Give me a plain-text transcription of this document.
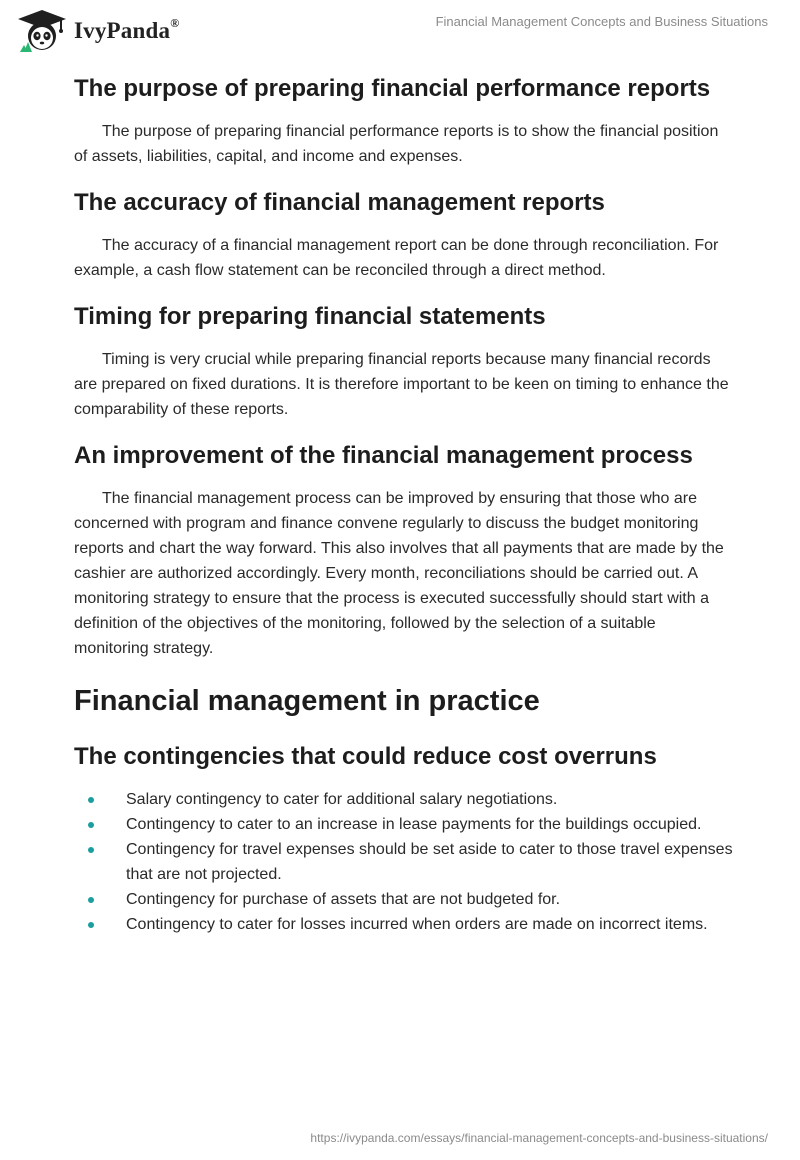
IvyPanda®	Financial Management Concepts and Business Situations
The purpose of preparing financial performance reports

The purpose of preparing financial performance reports is to show the financial position of assets, liabilities, capital, and income and expenses.

The accuracy of financial management reports

The accuracy of a financial management report can be done through reconciliation. For example, a cash flow statement can be reconciled through a direct method.

Timing for preparing financial statements

Timing is very crucial while preparing financial reports because many financial records are prepared on fixed durations. It is therefore important to be keen on timing to enhance the comparability of these reports.

An improvement of the financial management process

The financial management process can be improved by ensuring that those who are concerned with program and finance convene regularly to discuss the budget monitoring reports and chart the way forward. This also involves that all payments that are made by the cashier are authorized accordingly. Every month, reconciliations should be carried out. A monitoring strategy to ensure that the process is executed successfully should start with a definition of the objectives of the monitoring, followed by the selection of a suitable monitoring strategy.

Financial management in practice
The contingencies that could reduce cost overruns
Salary contingency to cater for additional salary negotiations.
Contingency to cater to an increase in lease payments for the buildings occupied.
Contingency for travel expenses should be set aside to cater to those travel expenses that are not projected.
Contingency for purchase of assets that are not budgeted for.
Contingency to cater for losses incurred when orders are made on incorrect items.
https://ivypanda.com/essays/financial-management-concepts-and-business-situations/
